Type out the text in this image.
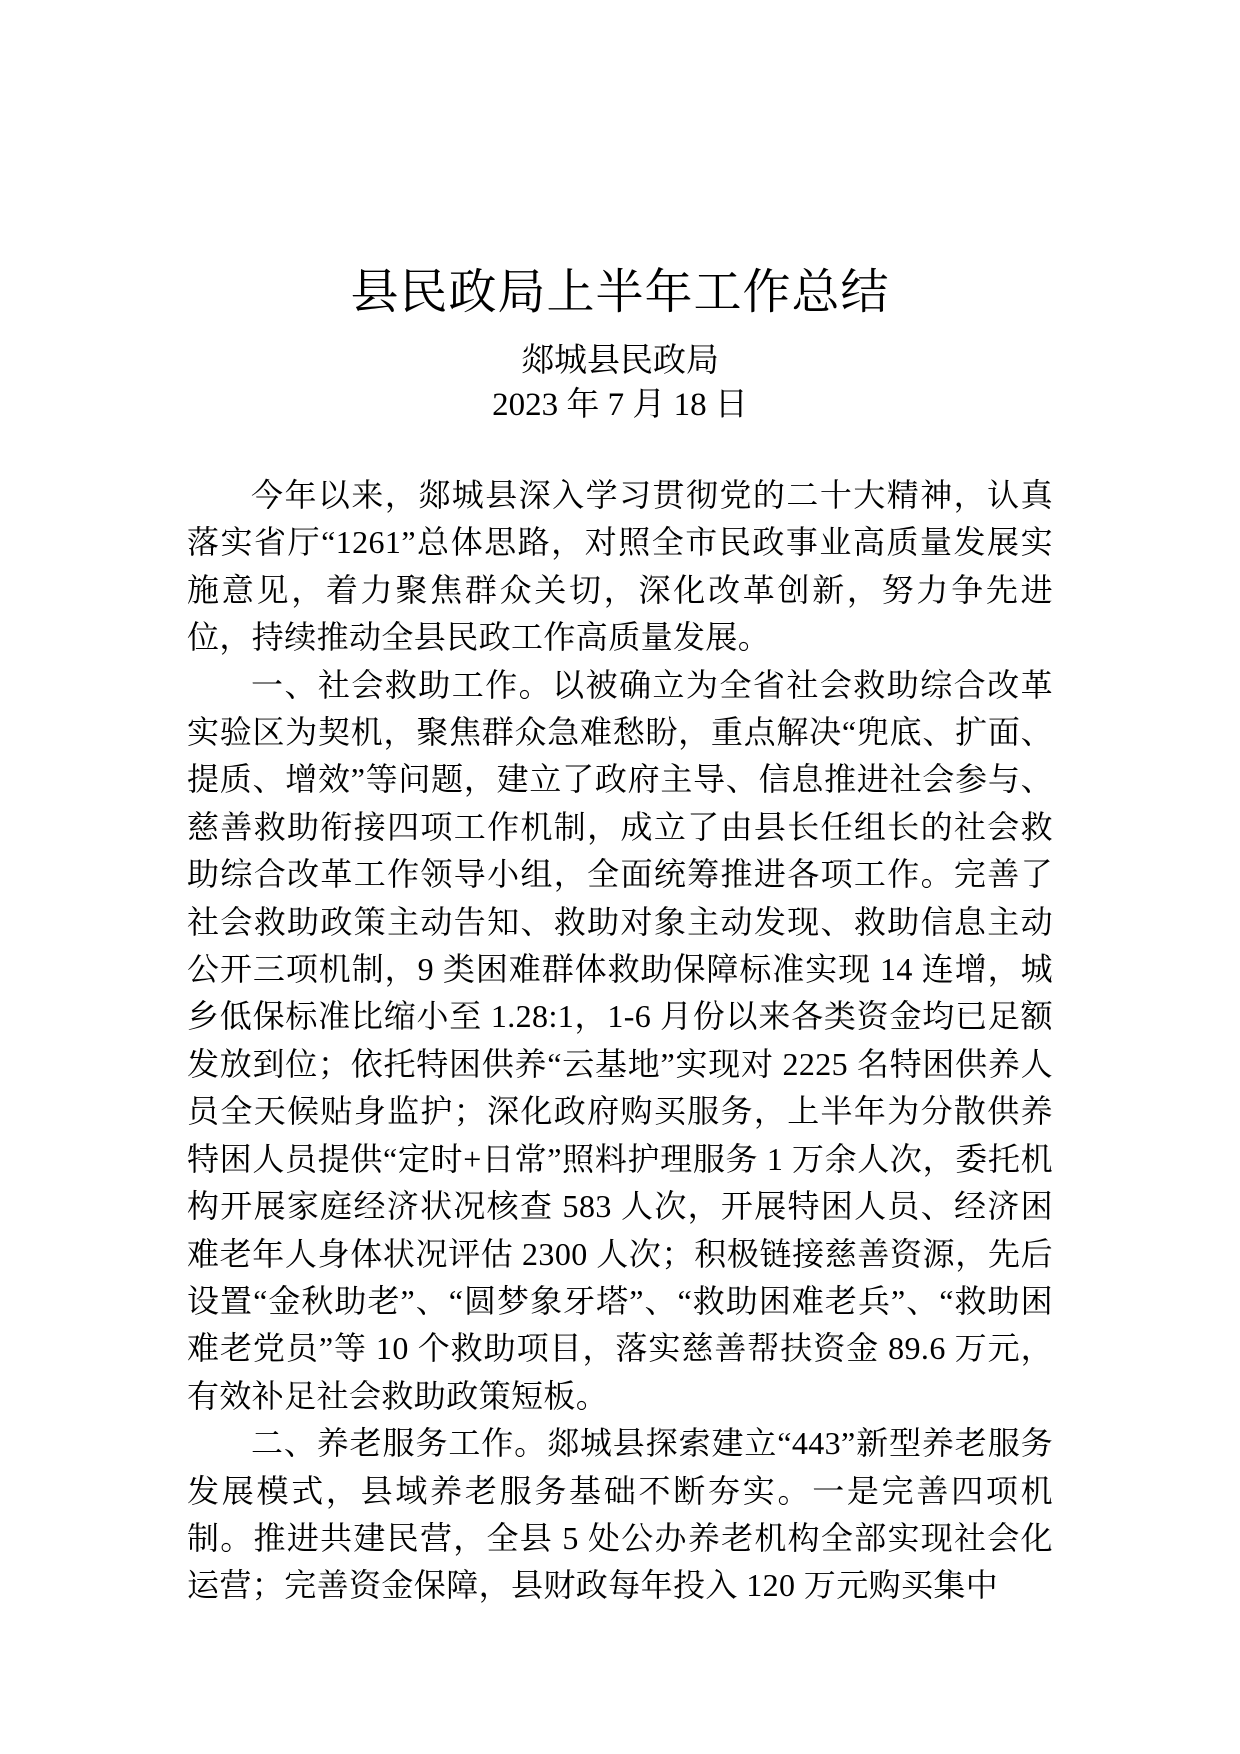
县民政局上半年工作总结
郯城县民政局
2023 年 7 月 18 日

今年以来，郯城县深入学习贯彻党的二十大精神，认真落实省厅“1261”总体思路，对照全市民政事业高质量发展实施意见，着力聚焦群众关切，深化改革创新，努力争先进位，持续推动全县民政工作高质量发展。

一、社会救助工作。以被确立为全省社会救助综合改革实验区为契机，聚焦群众急难愁盼，重点解决“兜底、扩面、提质、增效”等问题，建立了政府主导、信息推进社会参与、慈善救助衔接四项工作机制，成立了由县长任组长的社会救助综合改革工作领导小组，全面统筹推进各项工作。完善了社会救助政策主动告知、救助对象主动发现、救助信息主动公开三项机制，9 类困难群体救助保障标准实现 14 连增，城乡低保标准比缩小至 1.28:1，1-6 月份以来各类资金均已足额发放到位；依托特困供养“云基地”实现对 2225 名特困供养人员全天候贴身监护；深化政府购买服务，上半年为分散供养特困人员提供“定时+日常”照料护理服务 1 万余人次，委托机构开展家庭经济状况核查 583 人次，开展特困人员、经济困难老年人身体状况评估 2300 人次；积极链接慈善资源，先后设置“金秋助老”、“圆梦象牙塔”、“救助困难老兵”、“救助困难老党员”等 10 个救助项目，落实慈善帮扶资金 89.6 万元，有效补足社会救助政策短板。

二、养老服务工作。郯城县探索建立“443”新型养老服务发展模式，县域养老服务基础不断夯实。一是完善四项机制。推进共建民营，全县 5 处公办养老机构全部实现社会化运营；完善资金保障，县财政每年投入 120 万元购买集中
